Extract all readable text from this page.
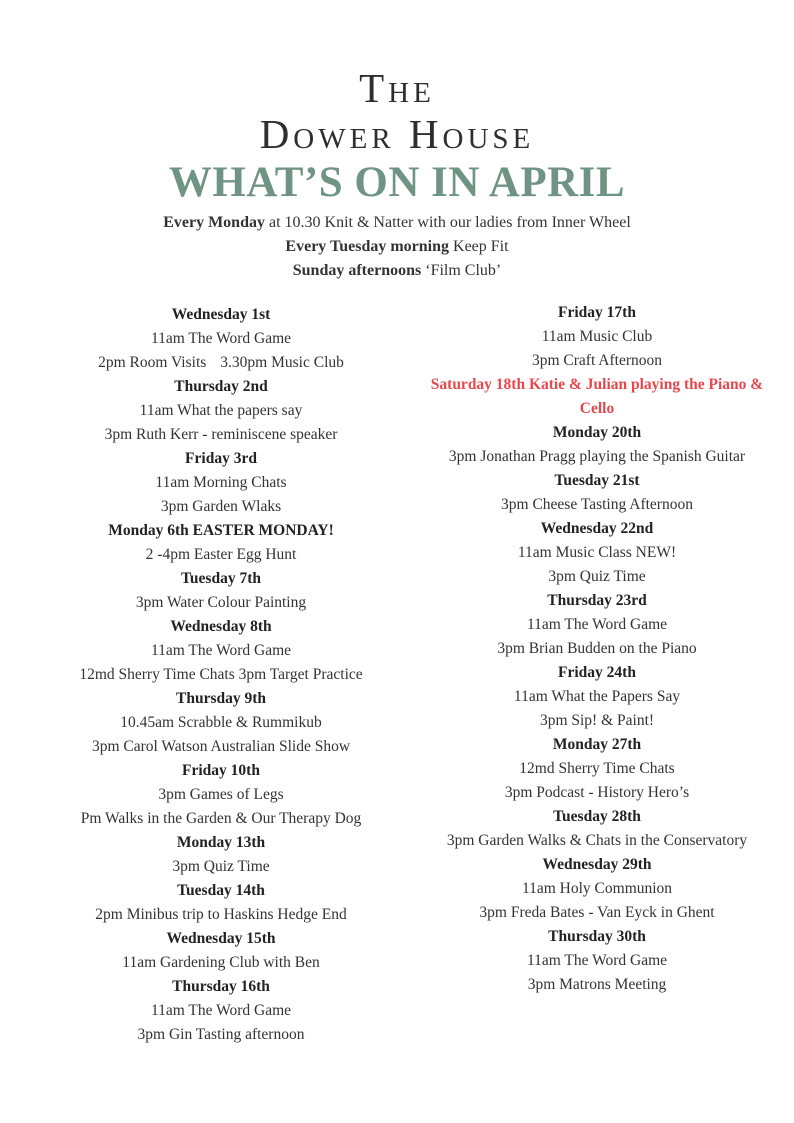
The
Dower House
WHAT’S ON IN APRIL

Every Monday at 10.30 Knit & Natter with our ladies from Inner Wheel

Every Tuesday morning Keep Fit

Sunday afternoons ‘Film Club’

Wednesday 1st
11am The Word Game
2pm Room Visits 3.30pm Music Club
Thursday 2nd
11am What the papers say
3pm Ruth Kerr - reminiscene speaker
Friday 3rd
11am Morning Chats
3pm Garden Wlaks
Monday 6th EASTER MONDAY!
2 -4pm Easter Egg Hunt
Tuesday 7th
3pm Water Colour Painting
Wednesday 8th
11am The Word Game
12md Sherry Time Chats 3pm Target Practice
Thursday 9th
10.45am Scrabble & Rummikub
3pm Carol Watson Australian Slide Show
Friday 10th
3pm Games of Legs
Pm Walks in the Garden & Our Therapy Dog
Monday 13th
3pm Quiz Time
Tuesday 14th
2pm Minibus trip to Haskins Hedge End
Wednesday 15th
11am Gardening Club with Ben
Thursday 16th
11am The Word Game
3pm Gin Tasting afternoon
Friday 17th
11am Music Club
3pm Craft Afternoon
Saturday 18th Katie & Julian playing the Piano & Cello
Monday 20th
3pm Jonathan Pragg playing the Spanish Guitar
Tuesday 21st
3pm Cheese Tasting Afternoon
Wednesday 22nd
11am Music Class NEW!
3pm Quiz Time
Thursday 23rd
11am The Word Game
3pm Brian Budden on the Piano
Friday 24th
11am What the Papers Say
3pm Sip! & Paint!
Monday 27th
12md Sherry Time Chats
3pm Podcast - History Hero’s
Tuesday 28th
3pm Garden Walks & Chats in the Conservatory
Wednesday 29th
11am Holy Communion
3pm Freda Bates - Van Eyck in Ghent
Thursday 30th
11am The Word Game
3pm Matrons Meeting
